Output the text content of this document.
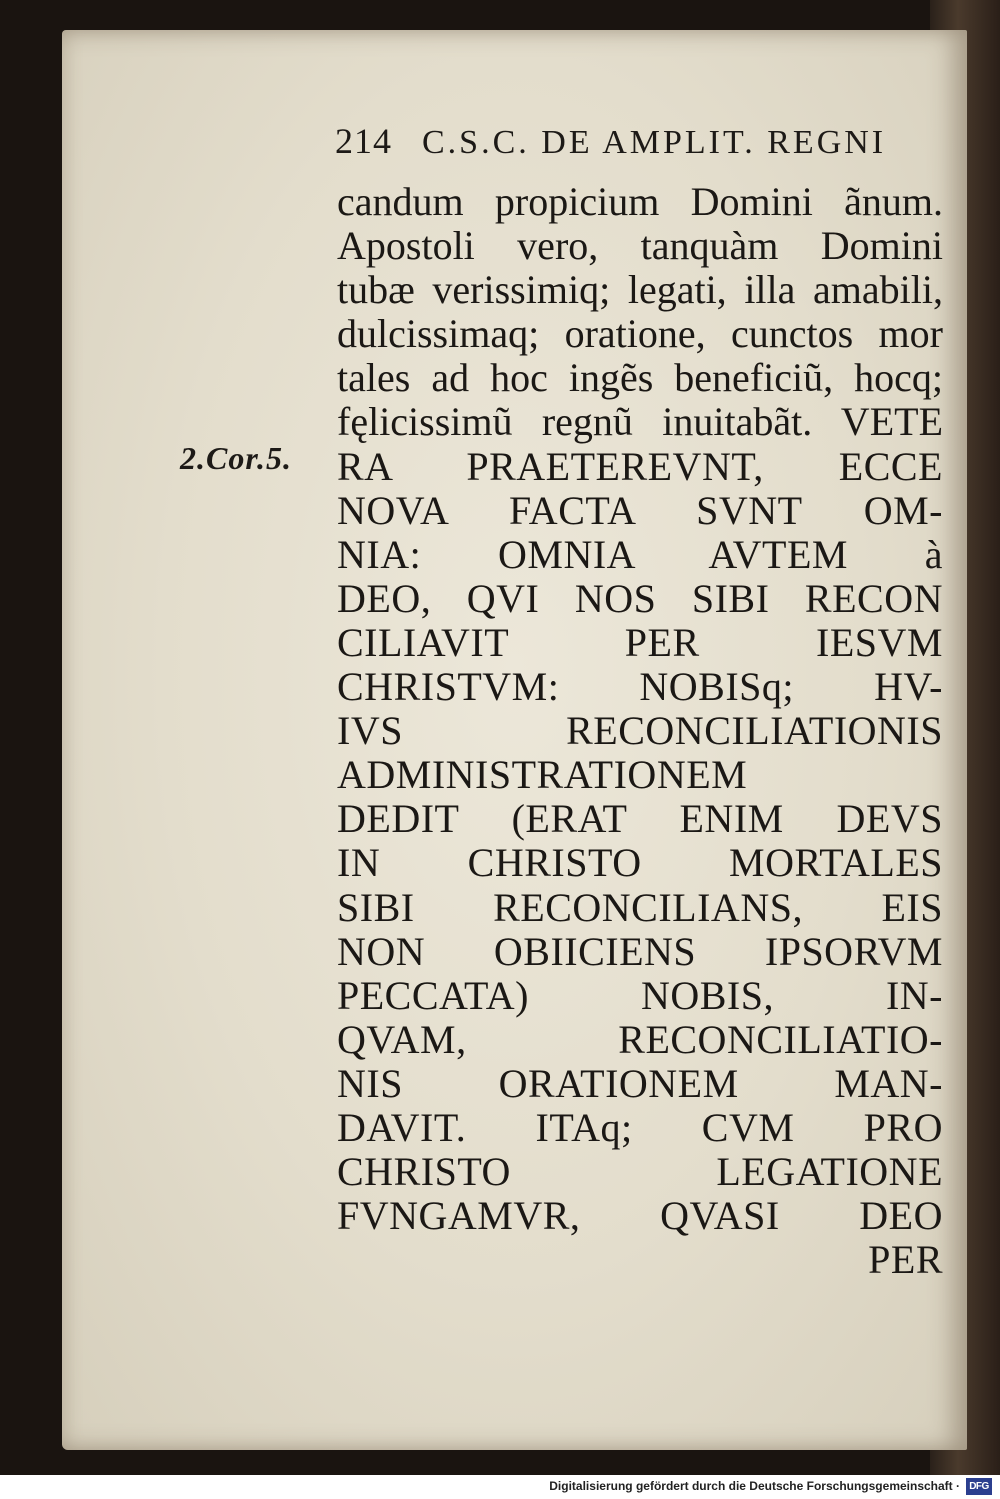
214 C.S.C. DE AMPLIT. REGNI
2.Cor.5.
candum propicium Domini ãnum.
Apostoli vero, tanquàm Domini
tubæ verissimiq; legati, illa amabili,
dulcissimaq; oratione, cunctos mor
tales ad hoc ingẽs beneficiũ, hocq;
fęlicissimũ regnũ inuitabãt. VETE
RA PRAETEREVNT, ECCE
NOVA FACTA SVNT OM-
NIA: OMNIA AVTEM à
DEO, QVI NOS SIBI RECON
CILIAVIT PER IESVM
CHRISTVM: NOBISq; HV-
IVS RECONCILIATIONIS
ADMINISTRATIONEM
DEDIT (ERAT ENIM DEVS
IN CHRISTO MORTALES
SIBI RECONCILIANS, EIS
NON OBIICIENS IPSORVM
PECCATA) NOBIS, IN-
QVAM, RECONCILIATIO-
NIS ORATIONEM MAN-
DAVIT. ITAq; CVM PRO
CHRISTO LEGATIONE
FVNGAMVR, QVASI DEO
PER
Digitalisierung gefördert durch die Deutsche Forschungsgemeinschaft · DFG
